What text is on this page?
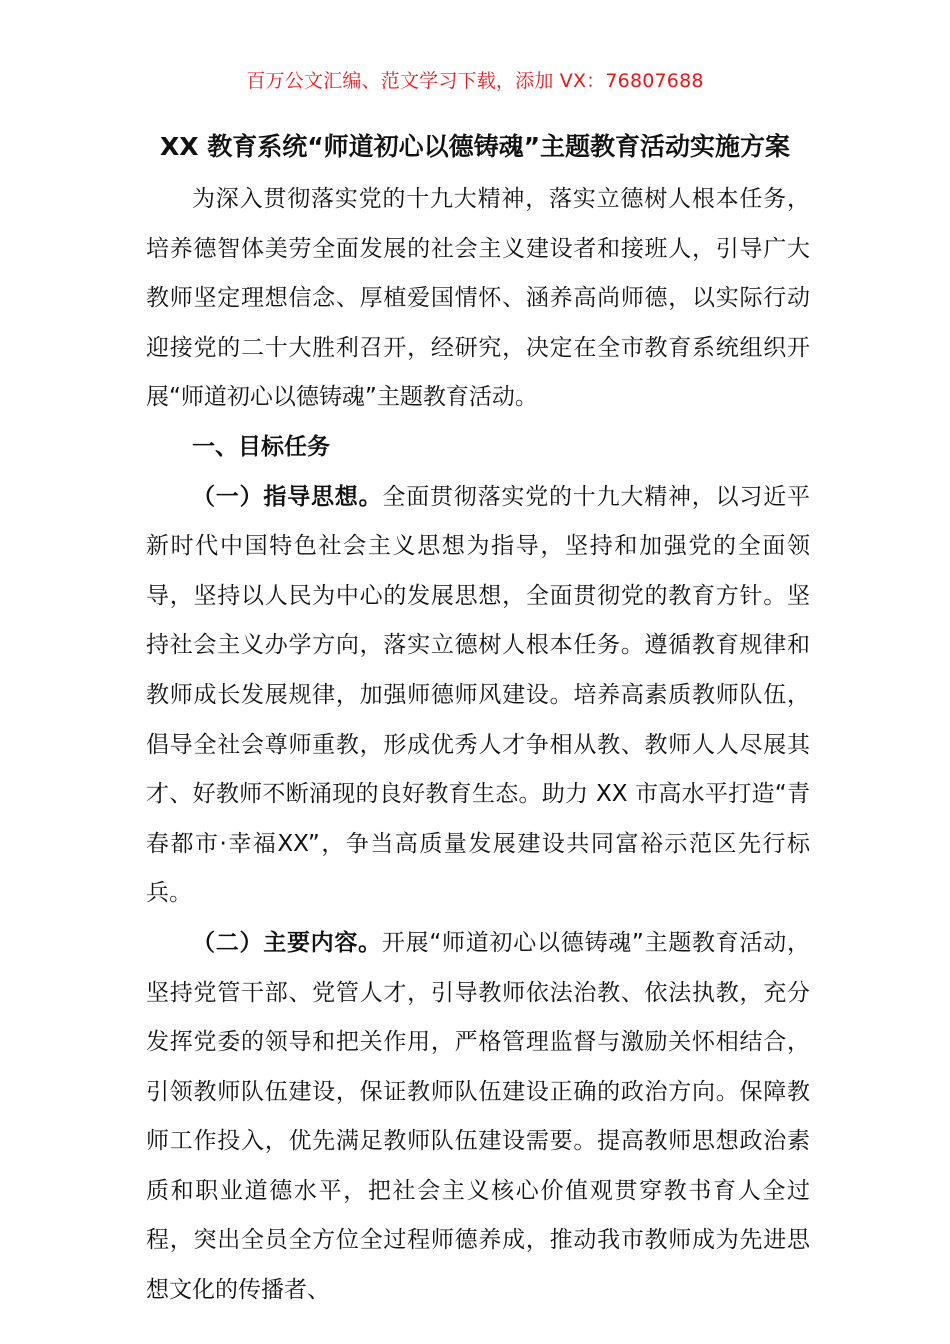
百万公文汇编、范文学习下载，添加 VX：76807688
XX 教育系统“师道初心以德铸魂”主题教育活动实施方案

为深入贯彻落实党的十九大精神，落实立德树人根本任务，培养德智体美劳全面发展的社会主义建设者和接班人，引导广大教师坚定理想信念、厚植爱国情怀、涵养高尚师德，以实际行动迎接党的二十大胜利召开，经研究，决定在全市教育系统组织开展“师道初心以德铸魂”主题教育活动。

一、目标任务

（一）指导思想。全面贯彻落实党的十九大精神，以习近平新时代中国特色社会主义思想为指导，坚持和加强党的全面领导，坚持以人民为中心的发展思想，全面贯彻党的教育方针。坚持社会主义办学方向，落实立德树人根本任务。遵循教育规律和教师成长发展规律，加强师德师风建设。培养高素质教师队伍，倡导全社会尊师重教，形成优秀人才争相从教、教师人人尽展其才、好教师不断涌现的良好教育生态。助力 XX 市高水平打造“青春都市·幸福XX”，争当高质量发展建设共同富裕示范区先行标兵。

（二）主要内容。开展“师道初心以德铸魂”主题教育活动，坚持党管干部、党管人才，引导教师依法治教、依法执教，充分发挥党委的领导和把关作用，严格管理监督与激励关怀相结合，引领教师队伍建设，保证教师队伍建设正确的政治方向。保障教师工作投入，优先满足教师队伍建设需要。提高教师思想政治素质和职业道德水平，把社会主义核心价值观贯穿教书育人全过程，突出全员全方位全过程师德养成，推动我市教师成为先进思想文化的传播者、
